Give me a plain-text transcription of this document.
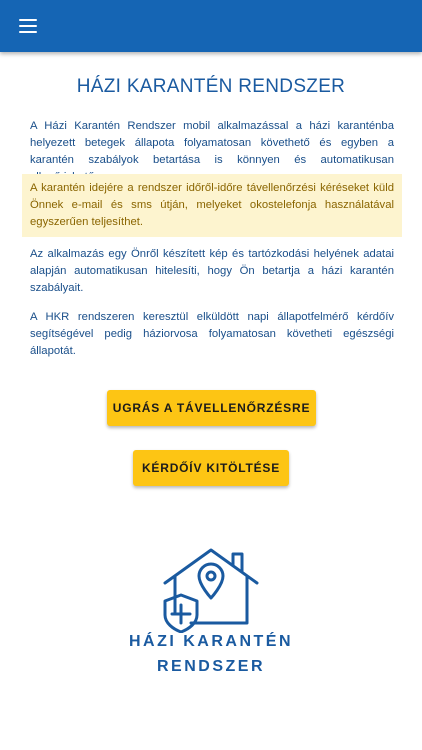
HÁZI KARANTÉN RENDSZER

A Házi Karantén Rendszer mobil alkalmazással a házi karanténba helyezett betegek állapota folyamatosan követhető és egyben a karantén szabályok betartása is könnyen és automatikusan

A karantén idejére a rendszer időről-időre távellenőrzési kéréseket küld Önnek e-mail és sms útján, melyeket okostelefonja használatával egyszerűen teljesíthet.

Az alkalmazás egy Önről készített kép és tartózkodási helyének adatai alapján automatikusan hitelesíti, hogy Ön betartja a házi karantén szabályait.

A HKR rendszeren keresztül elküldött napi állapotfelmérő kérdőív segítségével pedig háziorvosa folyamatosan követheti egészségi állapotát.

UGRÁS A TÁVELLENŐRZÉSRE
KÉRDŐÍV KITÖLTÉSE
HÁZI KARANTÉN
RENDSZER
